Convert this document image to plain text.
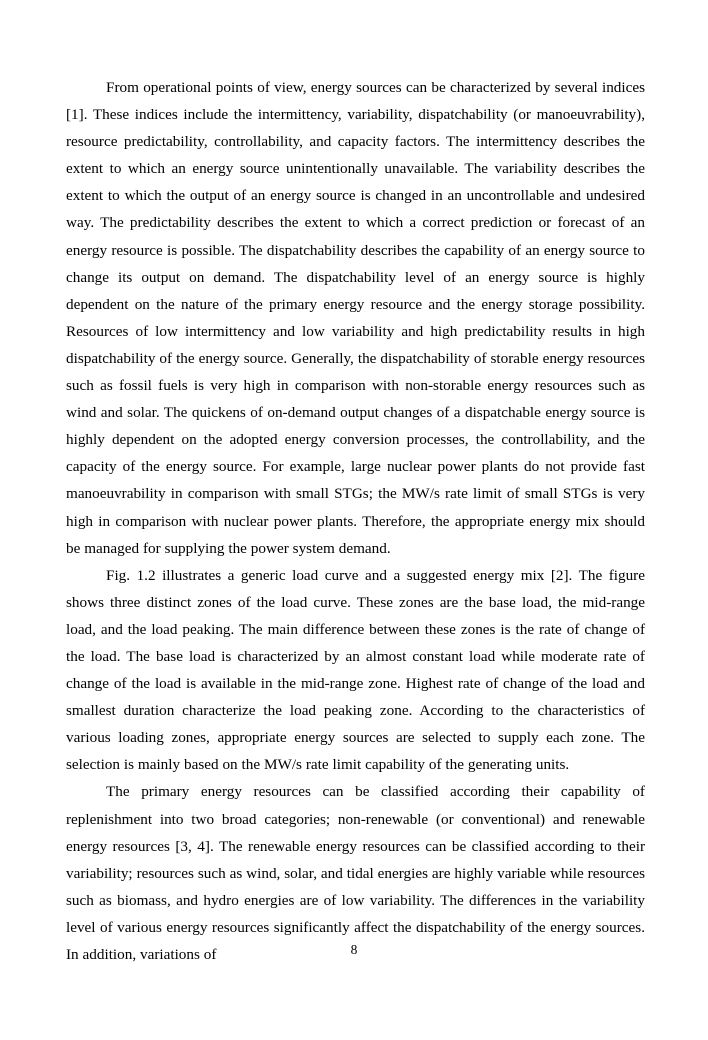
From operational points of view, energy sources can be characterized by several indices [1]. These indices include the intermittency, variability, dispatchability (or manoeuvrability), resource predictability, controllability, and capacity factors. The intermittency describes the extent to which an energy source unintentionally unavailable. The variability describes the extent to which the output of an energy source is changed in an uncontrollable and undesired way. The predictability describes the extent to which a correct prediction or forecast of an energy resource is possible. The dispatchability describes the capability of an energy source to change its output on demand. The dispatchability level of an energy source is highly dependent on the nature of the primary energy resource and the energy storage possibility. Resources of low intermittency and low variability and high predictability results in high dispatchability of the energy source. Generally, the dispatchability of storable energy resources such as fossil fuels is very high in comparison with non-storable energy resources such as wind and solar. The quickens of on-demand output changes of a dispatchable energy source is highly dependent on the adopted energy conversion processes, the controllability, and the capacity of the energy source. For example, large nuclear power plants do not provide fast manoeuvrability in comparison with small STGs; the MW/s rate limit of small STGs is very high in comparison with nuclear power plants. Therefore, the appropriate energy mix should be managed for supplying the power system demand.

Fig. 1.2 illustrates a generic load curve and a suggested energy mix [2]. The figure shows three distinct zones of the load curve. These zones are the base load, the mid-range load, and the load peaking. The main difference between these zones is the rate of change of the load. The base load is characterized by an almost constant load while moderate rate of change of the load is available in the mid-range zone. Highest rate of change of the load and smallest duration characterize the load peaking zone. According to the characteristics of various loading zones, appropriate energy sources are selected to supply each zone. The selection is mainly based on the MW/s rate limit capability of the generating units.

The primary energy resources can be classified according their capability of replenishment into two broad categories; non-renewable (or conventional) and renewable energy resources [3, 4]. The renewable energy resources can be classified according to their variability; resources such as wind, solar, and tidal energies are highly variable while resources such as biomass, and hydro energies are of low variability. The differences in the variability level of various energy resources significantly affect the dispatchability of the energy sources. In addition, variations of	8
